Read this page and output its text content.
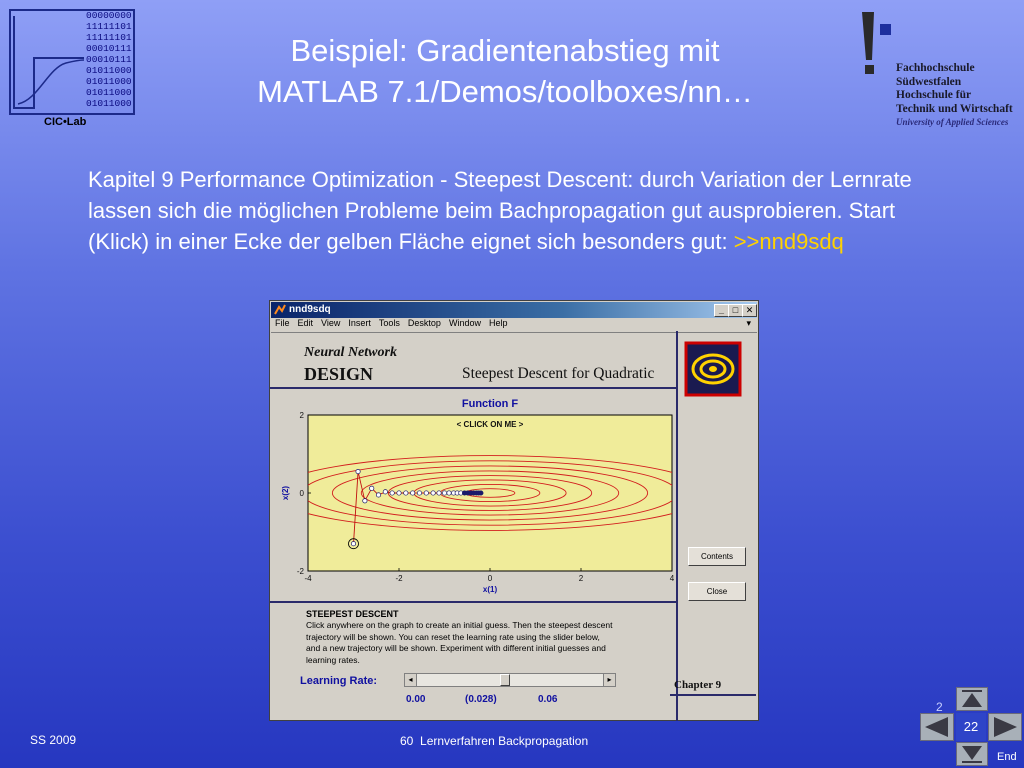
00000000
11111101
11111101
00010111
00010111
01011000
01011000
01011000
01011000
CIC•Lab
Beispiel: Gradientenabstieg mit
MATLAB 7.1/Demos/toolboxes/nn…
Fachhochschule
Südwestfalen
Hochschule für
Technik und Wirtschaft
University of Applied Sciences
Kapitel 9 Performance Optimization - Steepest Descent: durch Variation der Lernrate lassen sich die möglichen Probleme beim Bachpropagation gut ausprobieren. Start (Klick) in einer Ecke der gelben Fläche eignet sich besonders gut: >>nnd9sdq
nnd9sdq	_ □ ✕
File Edit View Insert Tools Desktop Window Help	▾
Neural Network
DESIGN	Steepest Descent for Quadratic
Function F
< CLICK ON ME >
-4	-2	0	2	4
2
0
-2
x(1)
x(2)
Contents
Close
STEEPEST DESCENT
Click anywhere on the graph to create an initial guess. Then the steepest descent
trajectory will be shown. You can reset the learning rate using the slider below,
and a new trajectory will be shown. Experiment with different initial guesses and
learning rates.
Learning Rate:	◂	▸
0.00	(0.028)	0.06
Chapter 9
SS 2009	60 Lernverfahren Backpropagation
2
22
End
